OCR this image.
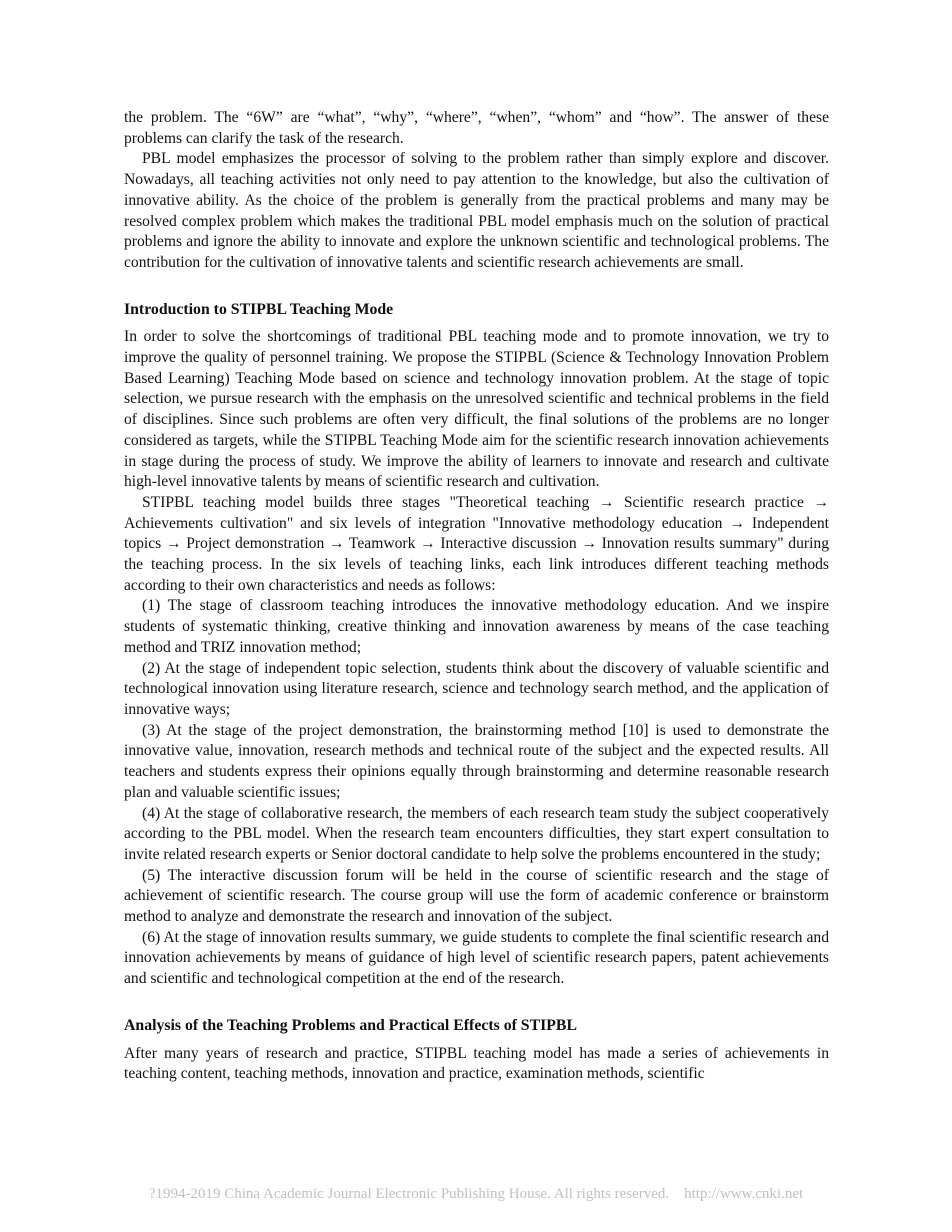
the problem. The “6W” are “what”, “why”, “where”, “when”, “whom” and “how”. The answer of these problems can clarify the task of the research.

PBL model emphasizes the processor of solving to the problem rather than simply explore and discover. Nowadays, all teaching activities not only need to pay attention to the knowledge, but also the cultivation of innovative ability. As the choice of the problem is generally from the practical problems and many may be resolved complex problem which makes the traditional PBL model emphasis much on the solution of practical problems and ignore the ability to innovate and explore the unknown scientific and technological problems. The contribution for the cultivation of innovative talents and scientific research achievements are small.

Introduction to STIPBL Teaching Mode

In order to solve the shortcomings of traditional PBL teaching mode and to promote innovation, we try to improve the quality of personnel training. We propose the STIPBL (Science & Technology Innovation Problem Based Learning) Teaching Mode based on science and technology innovation problem. At the stage of topic selection, we pursue research with the emphasis on the unresolved scientific and technical problems in the field of disciplines. Since such problems are often very difficult, the final solutions of the problems are no longer considered as targets, while the STIPBL Teaching Mode aim for the scientific research innovation achievements in stage during the process of study. We improve the ability of learners to innovate and research and cultivate high-level innovative talents by means of scientific research and cultivation.

STIPBL teaching model builds three stages "Theoretical teaching → Scientific research practice → Achievements cultivation" and six levels of integration "Innovative methodology education → Independent topics → Project demonstration → Teamwork → Interactive discussion → Innovation results summary" during the teaching process. In the six levels of teaching links, each link introduces different teaching methods according to their own characteristics and needs as follows:

(1) The stage of classroom teaching introduces the innovative methodology education. And we inspire students of systematic thinking, creative thinking and innovation awareness by means of the case teaching method and TRIZ innovation method;

(2) At the stage of independent topic selection, students think about the discovery of valuable scientific and technological innovation using literature research, science and technology search method, and the application of innovative ways;

(3) At the stage of the project demonstration, the brainstorming method [10] is used to demonstrate the innovative value, innovation, research methods and technical route of the subject and the expected results. All teachers and students express their opinions equally through brainstorming and determine reasonable research plan and valuable scientific issues;

(4) At the stage of collaborative research, the members of each research team study the subject cooperatively according to the PBL model. When the research team encounters difficulties, they start expert consultation to invite related research experts or Senior doctoral candidate to help solve the problems encountered in the study;

(5) The interactive discussion forum will be held in the course of scientific research and the stage of achievement of scientific research. The course group will use the form of academic conference or brainstorm method to analyze and demonstrate the research and innovation of the subject.

(6) At the stage of innovation results summary, we guide students to complete the final scientific research and innovation achievements by means of guidance of high level of scientific research papers, patent achievements and scientific and technological competition at the end of the research.

Analysis of the Teaching Problems and Practical Effects of STIPBL

After many years of research and practice, STIPBL teaching model has made a series of achievements in teaching content, teaching methods, innovation and practice, examination methods, scientific

?1994-2019 China Academic Journal Electronic Publishing House. All rights reserved.    http://www.cnki.net
